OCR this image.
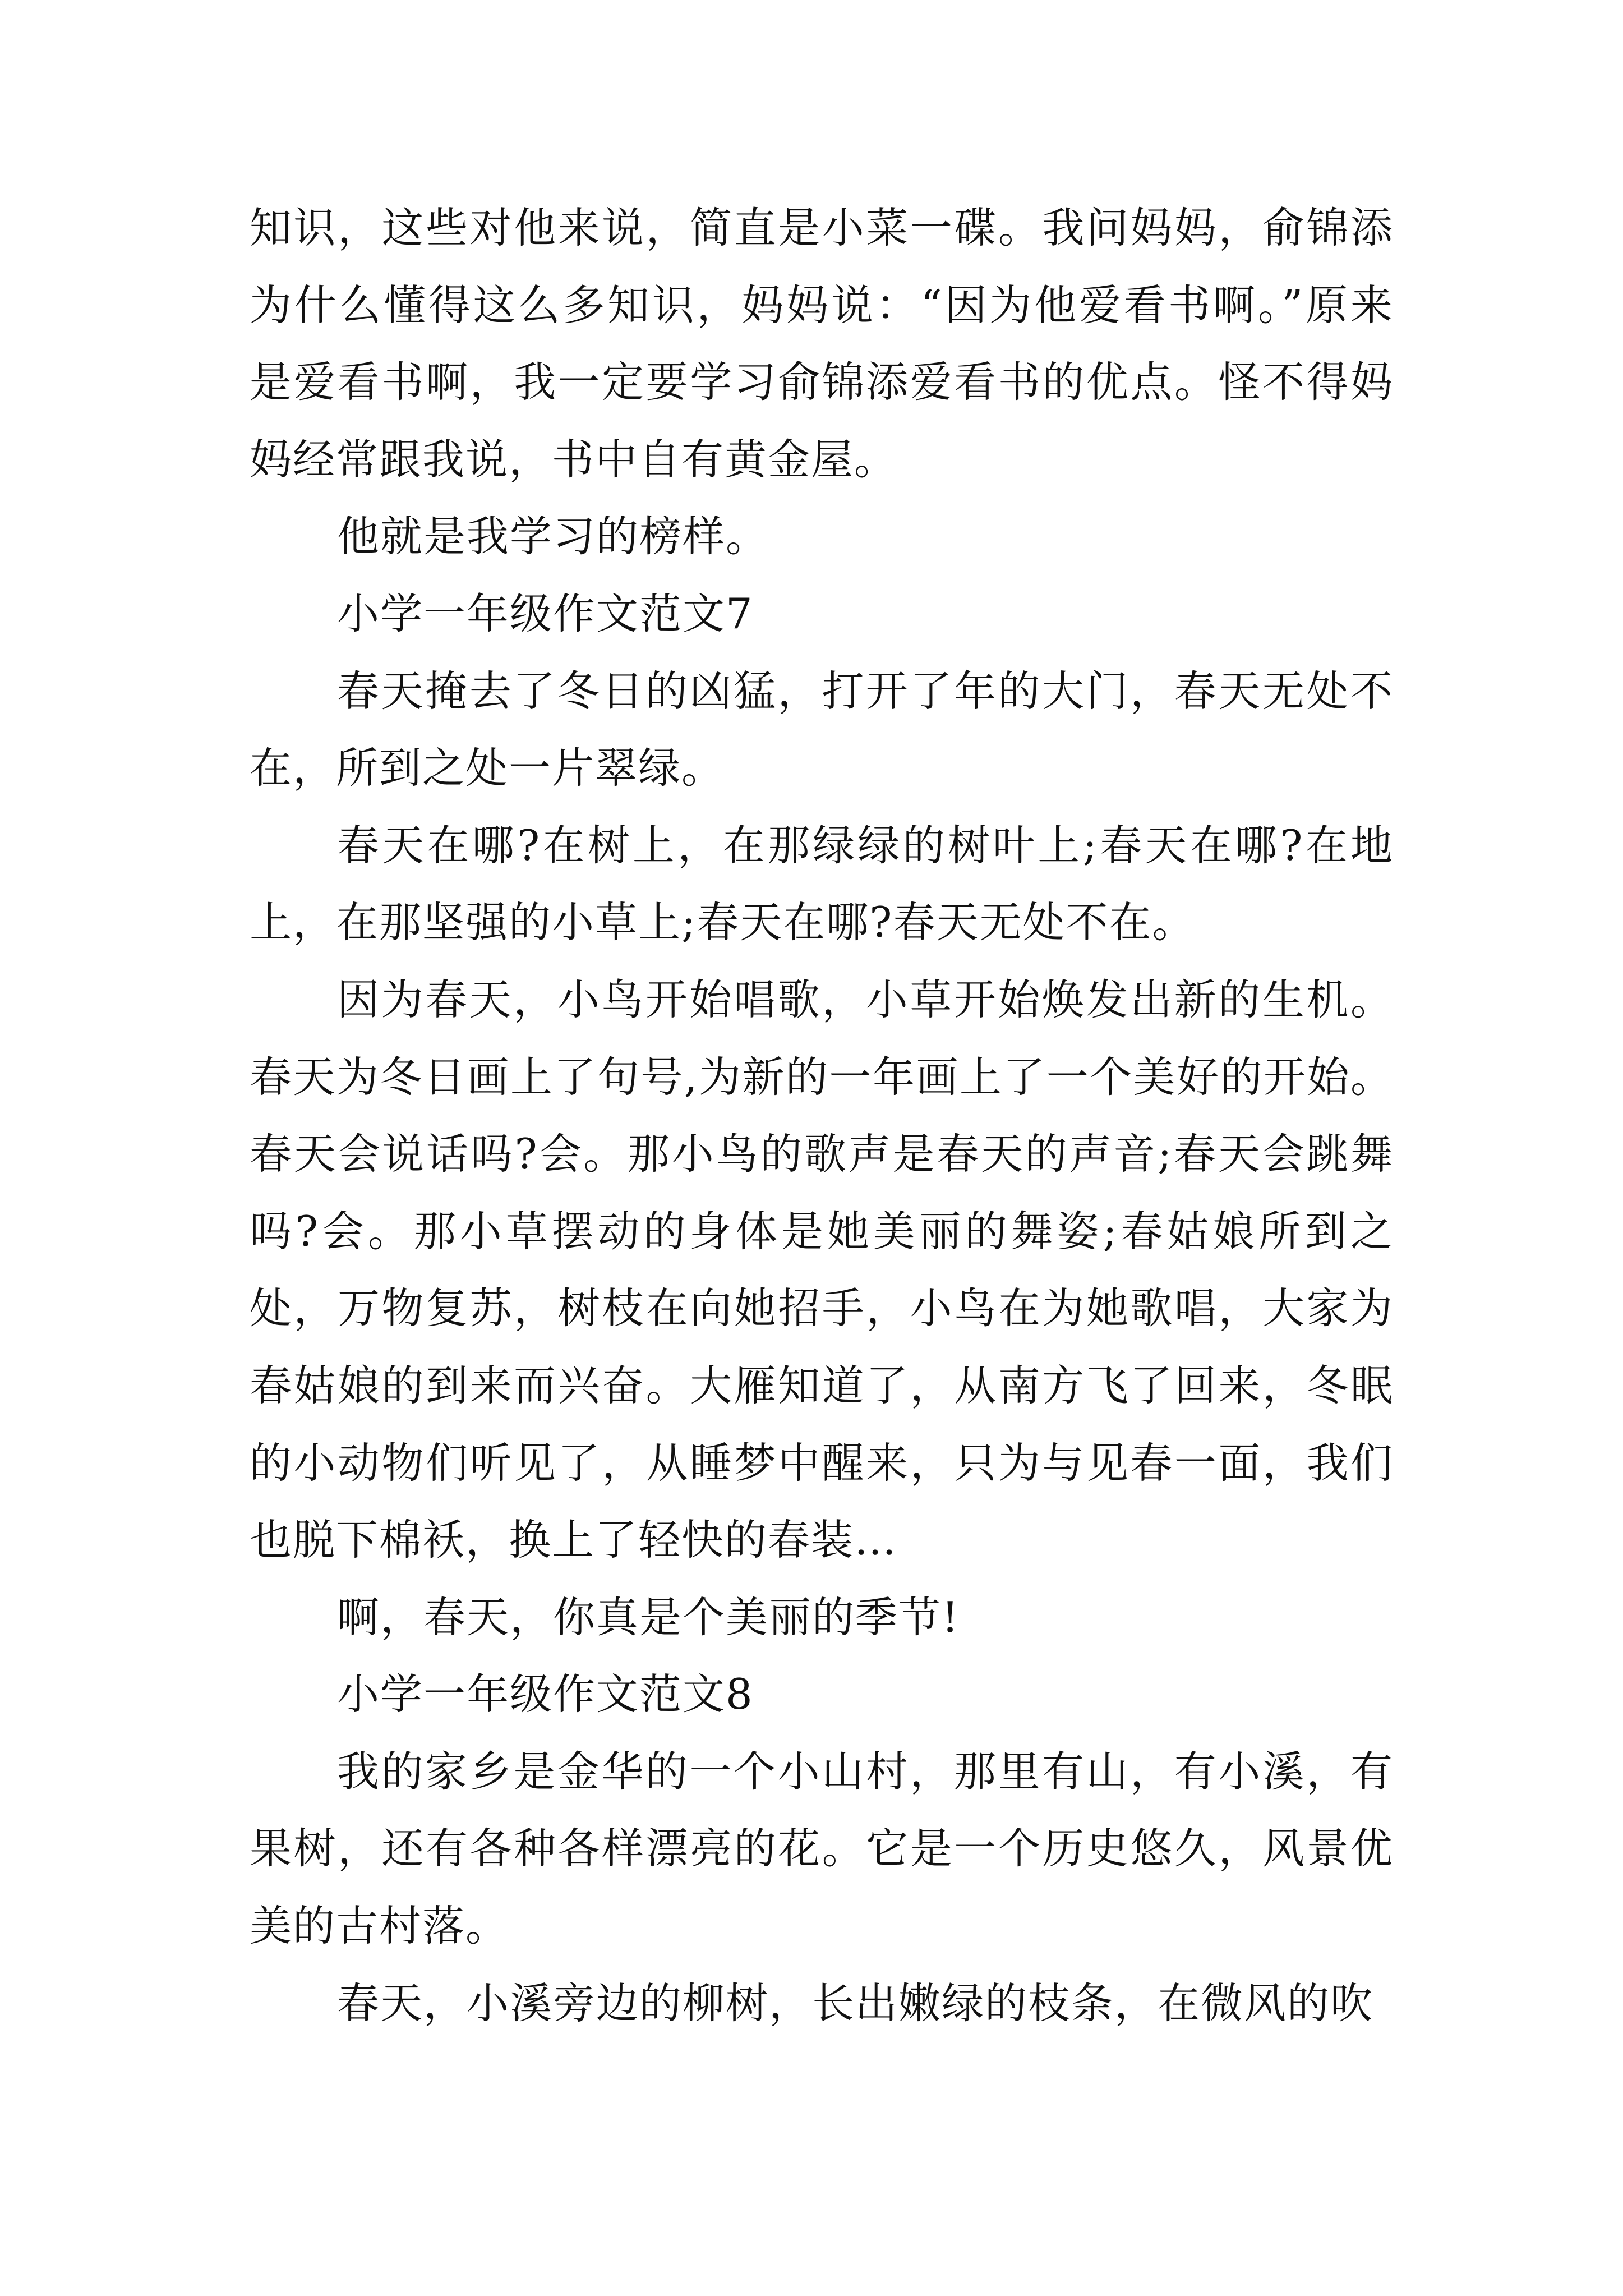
知识，这些对他来说，简直是小菜一碟。我问妈妈，俞锦添为什么懂得这么多知识，妈妈说：“因为他爱看书啊。”原来是爱看书啊，我一定要学习俞锦添爱看书的优点。怪不得妈妈经常跟我说，书中自有黄金屋。

他就是我学习的榜样。

小学一年级作文范文7

春天掩去了冬日的凶猛，打开了年的大门，春天无处不在，所到之处一片翠绿。

春天在哪?在树上，在那绿绿的树叶上;春天在哪?在地上，在那坚强的小草上;春天在哪?春天无处不在。

因为春天，小鸟开始唱歌，小草开始焕发出新的生机。春天为冬日画上了句号,为新的一年画上了一个美好的开始。春天会说话吗?会。那小鸟的歌声是春天的声音;春天会跳舞吗?会。那小草摆动的身体是她美丽的舞姿;春姑娘所到之处，万物复苏，树枝在向她招手，小鸟在为她歌唱，大家为春姑娘的到来而兴奋。大雁知道了，从南方飞了回来，冬眠的小动物们听见了，从睡梦中醒来，只为与见春一面，我们也脱下棉袄，换上了轻快的春装…

啊，春天，你真是个美丽的季节!

小学一年级作文范文8

我的家乡是金华的一个小山村，那里有山，有小溪，有果树，还有各种各样漂亮的花。它是一个历史悠久，风景优美的古村落。

春天，小溪旁边的柳树，长出嫩绿的枝条，在微风的吹
